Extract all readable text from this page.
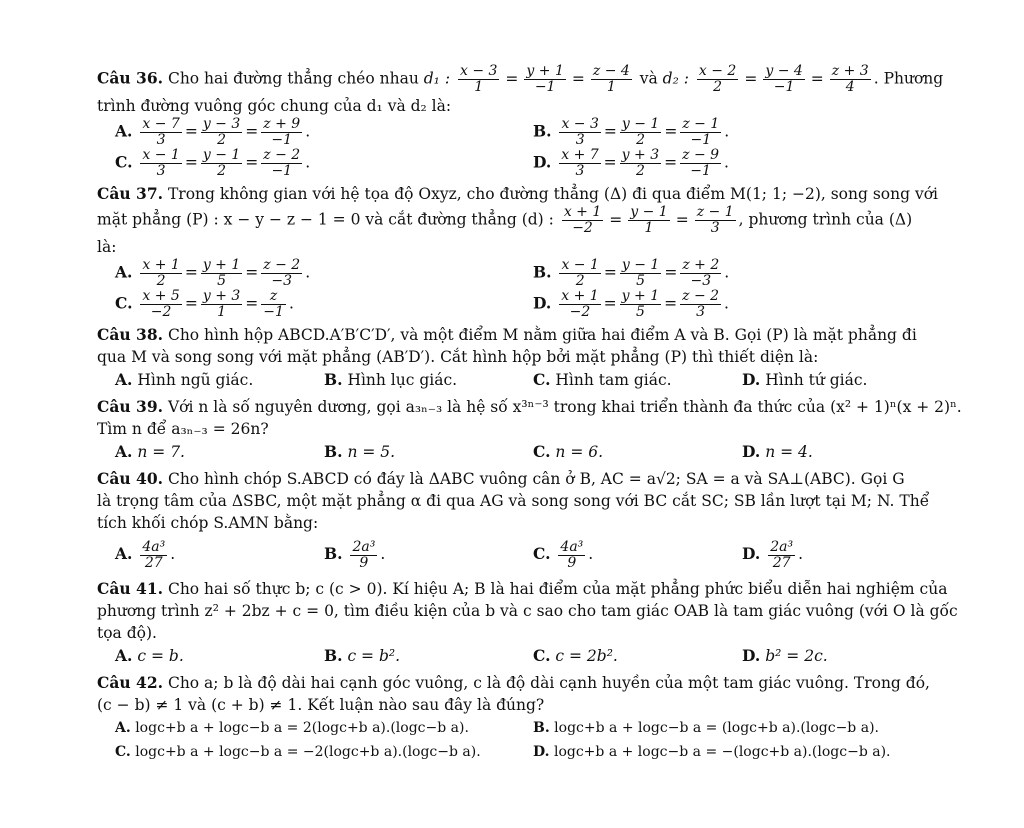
Câu 36. Cho hai đường thẳng chéo nhau d₁ : $\frac{x - 3}{1} = \frac{y + 1}{-1} = \frac{z - 4}{1}$ và d₂ : $\frac{x - 2}{2} = \frac{y - 4}{-1} = \frac{z + 3}{4}$ . Phương
trình đường vuông góc chung của d₁ và d₂ là:
A. $\frac{x - 7}{3} = \frac{y - 3}{2} = \frac{z + 9}{-1}$ .	B. $\frac{x - 3}{3} = \frac{y - 1}{2} = \frac{z - 1}{-1}$ .
C. $\frac{x - 1}{3} = \frac{y - 1}{2} = \frac{z - 2}{-1}$ .	D. $\frac{x + 7}{3} = \frac{y + 3}{2} = \frac{z - 9}{-1}$ .
Câu 37. Trong không gian với hệ tọa độ Oxyz, cho đường thẳng (Δ) đi qua điểm M(1; 1; −2), song song với
mặt phẳng (P) : x − y − z − 1 = 0 và cắt đường thẳng (d) : $\frac{x + 1}{-2} = \frac{y - 1}{1} = \frac{z - 1}{3}$ , phương trình của (Δ)
là:
A. $\frac{x + 1}{2} = \frac{y + 1}{5} = \frac{z - 2}{-3}$ .	B. $\frac{x - 1}{2} = \frac{y - 1}{5} = \frac{z + 2}{-3}$ .
C. $\frac{x + 5}{-2} = \frac{y + 3}{1} = \frac{z}{-1}$ .	D. $\frac{x + 1}{-2} = \frac{y + 1}{5} = \frac{z - 2}{3}$ .
Câu 38. Cho hình hộp ABCD.A′B′C′D′, và một điểm M nằm giữa hai điểm A và B. Gọi (P) là mặt phẳng đi
qua M và song song với mặt phẳng (AB′D′). Cắt hình hộp bởi mặt phẳng (P) thì thiết diện là:
A. Hình ngũ giác.	B. Hình lục giác.	C. Hình tam giác.	D. Hình tứ giác.
Câu 39. Với n là số nguyên dương, gọi a₃ₙ₋₃ là hệ số x³ⁿ⁻³ trong khai triển thành đa thức của (x² + 1)ⁿ(x + 2)ⁿ.
Tìm n để a₃ₙ₋₃ = 26n?
A. n = 7.	B. n = 5.	C. n = 6.	D. n = 4.
Câu 40. Cho hình chóp S.ABCD có đáy là ΔABC vuông cân ở B, AC = a√2; SA = a và SA⊥(ABC). Gọi G
là trọng tâm của ΔSBC, một mặt phẳng α đi qua AG và song song với BC cắt SC; SB lần lượt tại M; N. Thể
tích khối chóp S.AMN bằng:
A. $\frac{\text{4a³}}{27}$ .	B. $\frac{\text{2a³}}{9}$ .	C. $\frac{\text{4a³}}{9}$ .	D. $\frac{\text{2a³}}{27}$ .
Câu 41. Cho hai số thực b; c (c > 0). Kí hiệu A; B là hai điểm của mặt phẳng phức biểu diễn hai nghiệm của
phương trình z² + 2bz + c = 0, tìm điều kiện của b và c sao cho tam giác OAB là tam giác vuông (với O là gốc
tọa độ).
A. c = b.	B. c = b².	C. c = 2b².	D. b² = 2c.
Câu 42. Cho a; b là độ dài hai cạnh góc vuông, c là độ dài cạnh huyền của một tam giác vuông. Trong đó,
(c − b) ≠ 1 và (c + b) ≠ 1. Kết luận nào sau đây là đúng?
A. logc+b a + logc−b a = 2(logc+b a).(logc−b a).	B. logc+b a + logc−b a = (logc+b a).(logc−b a).
C. logc+b a + logc−b a = −2(logc+b a).(logc−b a).	D. logc+b a + logc−b a = −(logc+b a).(logc−b a).
